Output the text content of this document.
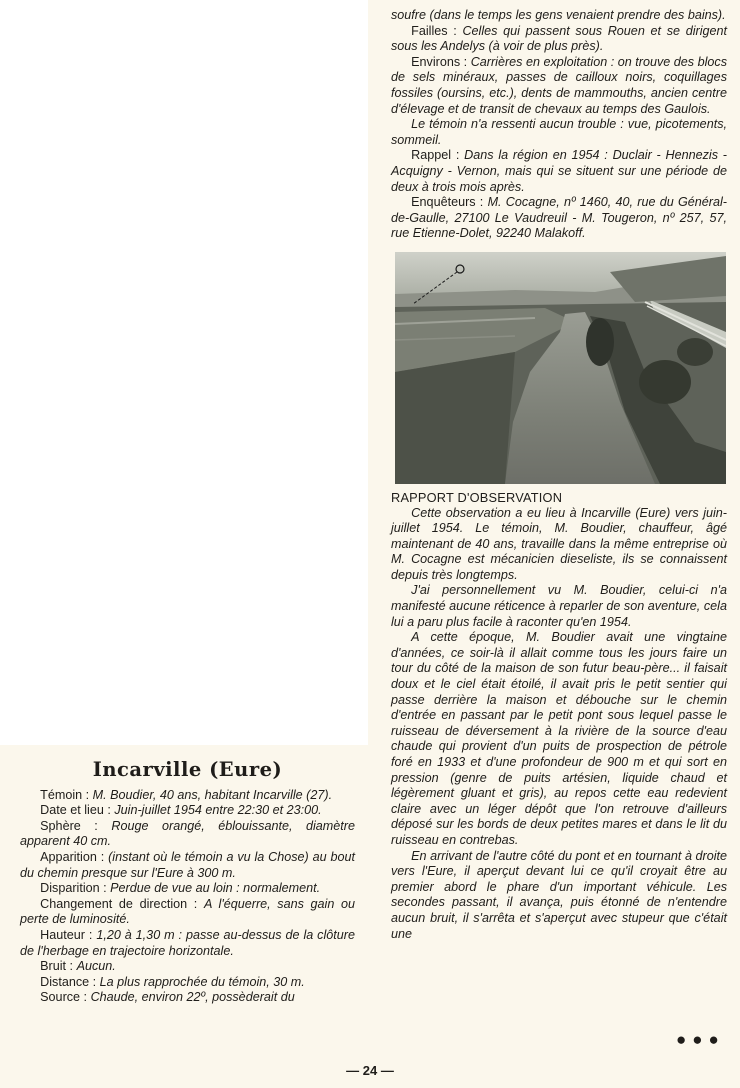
soufre (dans le temps les gens venaient prendre des bains).

Failles : Celles qui passent sous Rouen et se dirigent sous les Andelys (à voir de plus près).

Environs : Carrières en exploitation : on trouve des blocs de sels minéraux, passes de cailloux noirs, coquillages fossiles (oursins, etc.), dents de mammouths, ancien centre d'élevage et de transit de chevaux au temps des Gaulois.

Le témoin n'a ressenti aucun trouble : vue, picotements, sommeil.

Rappel : Dans la région en 1954 : Duclair - Hennezis - Acquigny - Vernon, mais qui se situent sur une période de deux à trois mois après.

Enquêteurs : M. Cocagne, nº 1460, 40, rue du Général-de-Gaulle, 27100 Le Vaudreuil - M. Tougeron, nº 257, 57, rue Etienne-Dolet, 92240 Malakoff.

RAPPORT D'OBSERVATION

Cette observation a eu lieu à Incarville (Eure) vers juin-juillet 1954. Le témoin, M. Boudier, chauffeur, âgé maintenant de 40 ans, travaille dans la même entreprise où M. Cocagne est mécanicien dieseliste, ils se connaissent depuis très longtemps.

J'ai personnellement vu M. Boudier, celui-ci n'a manifesté aucune réticence à reparler de son aventure, cela lui a paru plus facile à raconter qu'en 1954.

A cette époque, M. Boudier avait une vingtaine d'années, ce soir-là il allait comme tous les jours faire un tour du côté de la maison de son futur beau-père... il faisait doux et le ciel était étoilé, il avait pris le petit sentier qui passe derrière la maison et débouche sur le chemin d'entrée en passant par le petit pont sous lequel passe le ruisseau de déversement à la rivière de la source d'eau chaude qui provient d'un puits de prospection de pétrole foré en 1933 et d'une profondeur de 900 m et qui sort en pression (genre de puits artésien, liquide chaud et légèrement gluant et gris), au repos cette eau redevient claire avec un léger dépôt que l'on retrouve d'ailleurs déposé sur les bords de deux petites mares et dans le lit du ruisseau en contrebas.

En arrivant de l'autre côté du pont et en tournant à droite vers l'Eure, il aperçut devant lui ce qu'il croyait être au premier abord le phare d'un important véhicule. Les secondes passant, il avança, puis étonné de n'entendre aucun bruit, il s'arrêta et s'aperçut avec stupeur que c'était une

●●●
Incarville (Eure)

Témoin : M. Boudier, 40 ans, habitant Incarville (27).

Date et lieu : Juin-juillet 1954 entre 22:30 et 23:00.

Sphère : Rouge orangé, éblouissante, diamètre apparent 40 cm.

Apparition : (instant où le témoin a vu la Chose) au bout du chemin presque sur l'Eure à 300 m.

Disparition : Perdue de vue au loin : normalement.

Changement de direction : A l'équerre, sans gain ou perte de luminosité.

Hauteur : 1,20 à 1,30 m : passe au-dessus de la clôture de l'herbage en trajectoire horizontale.

Bruit : Aucun.

Distance : La plus rapprochée du témoin, 30 m.

Source : Chaude, environ 22º, possèderait du

— 24 —
